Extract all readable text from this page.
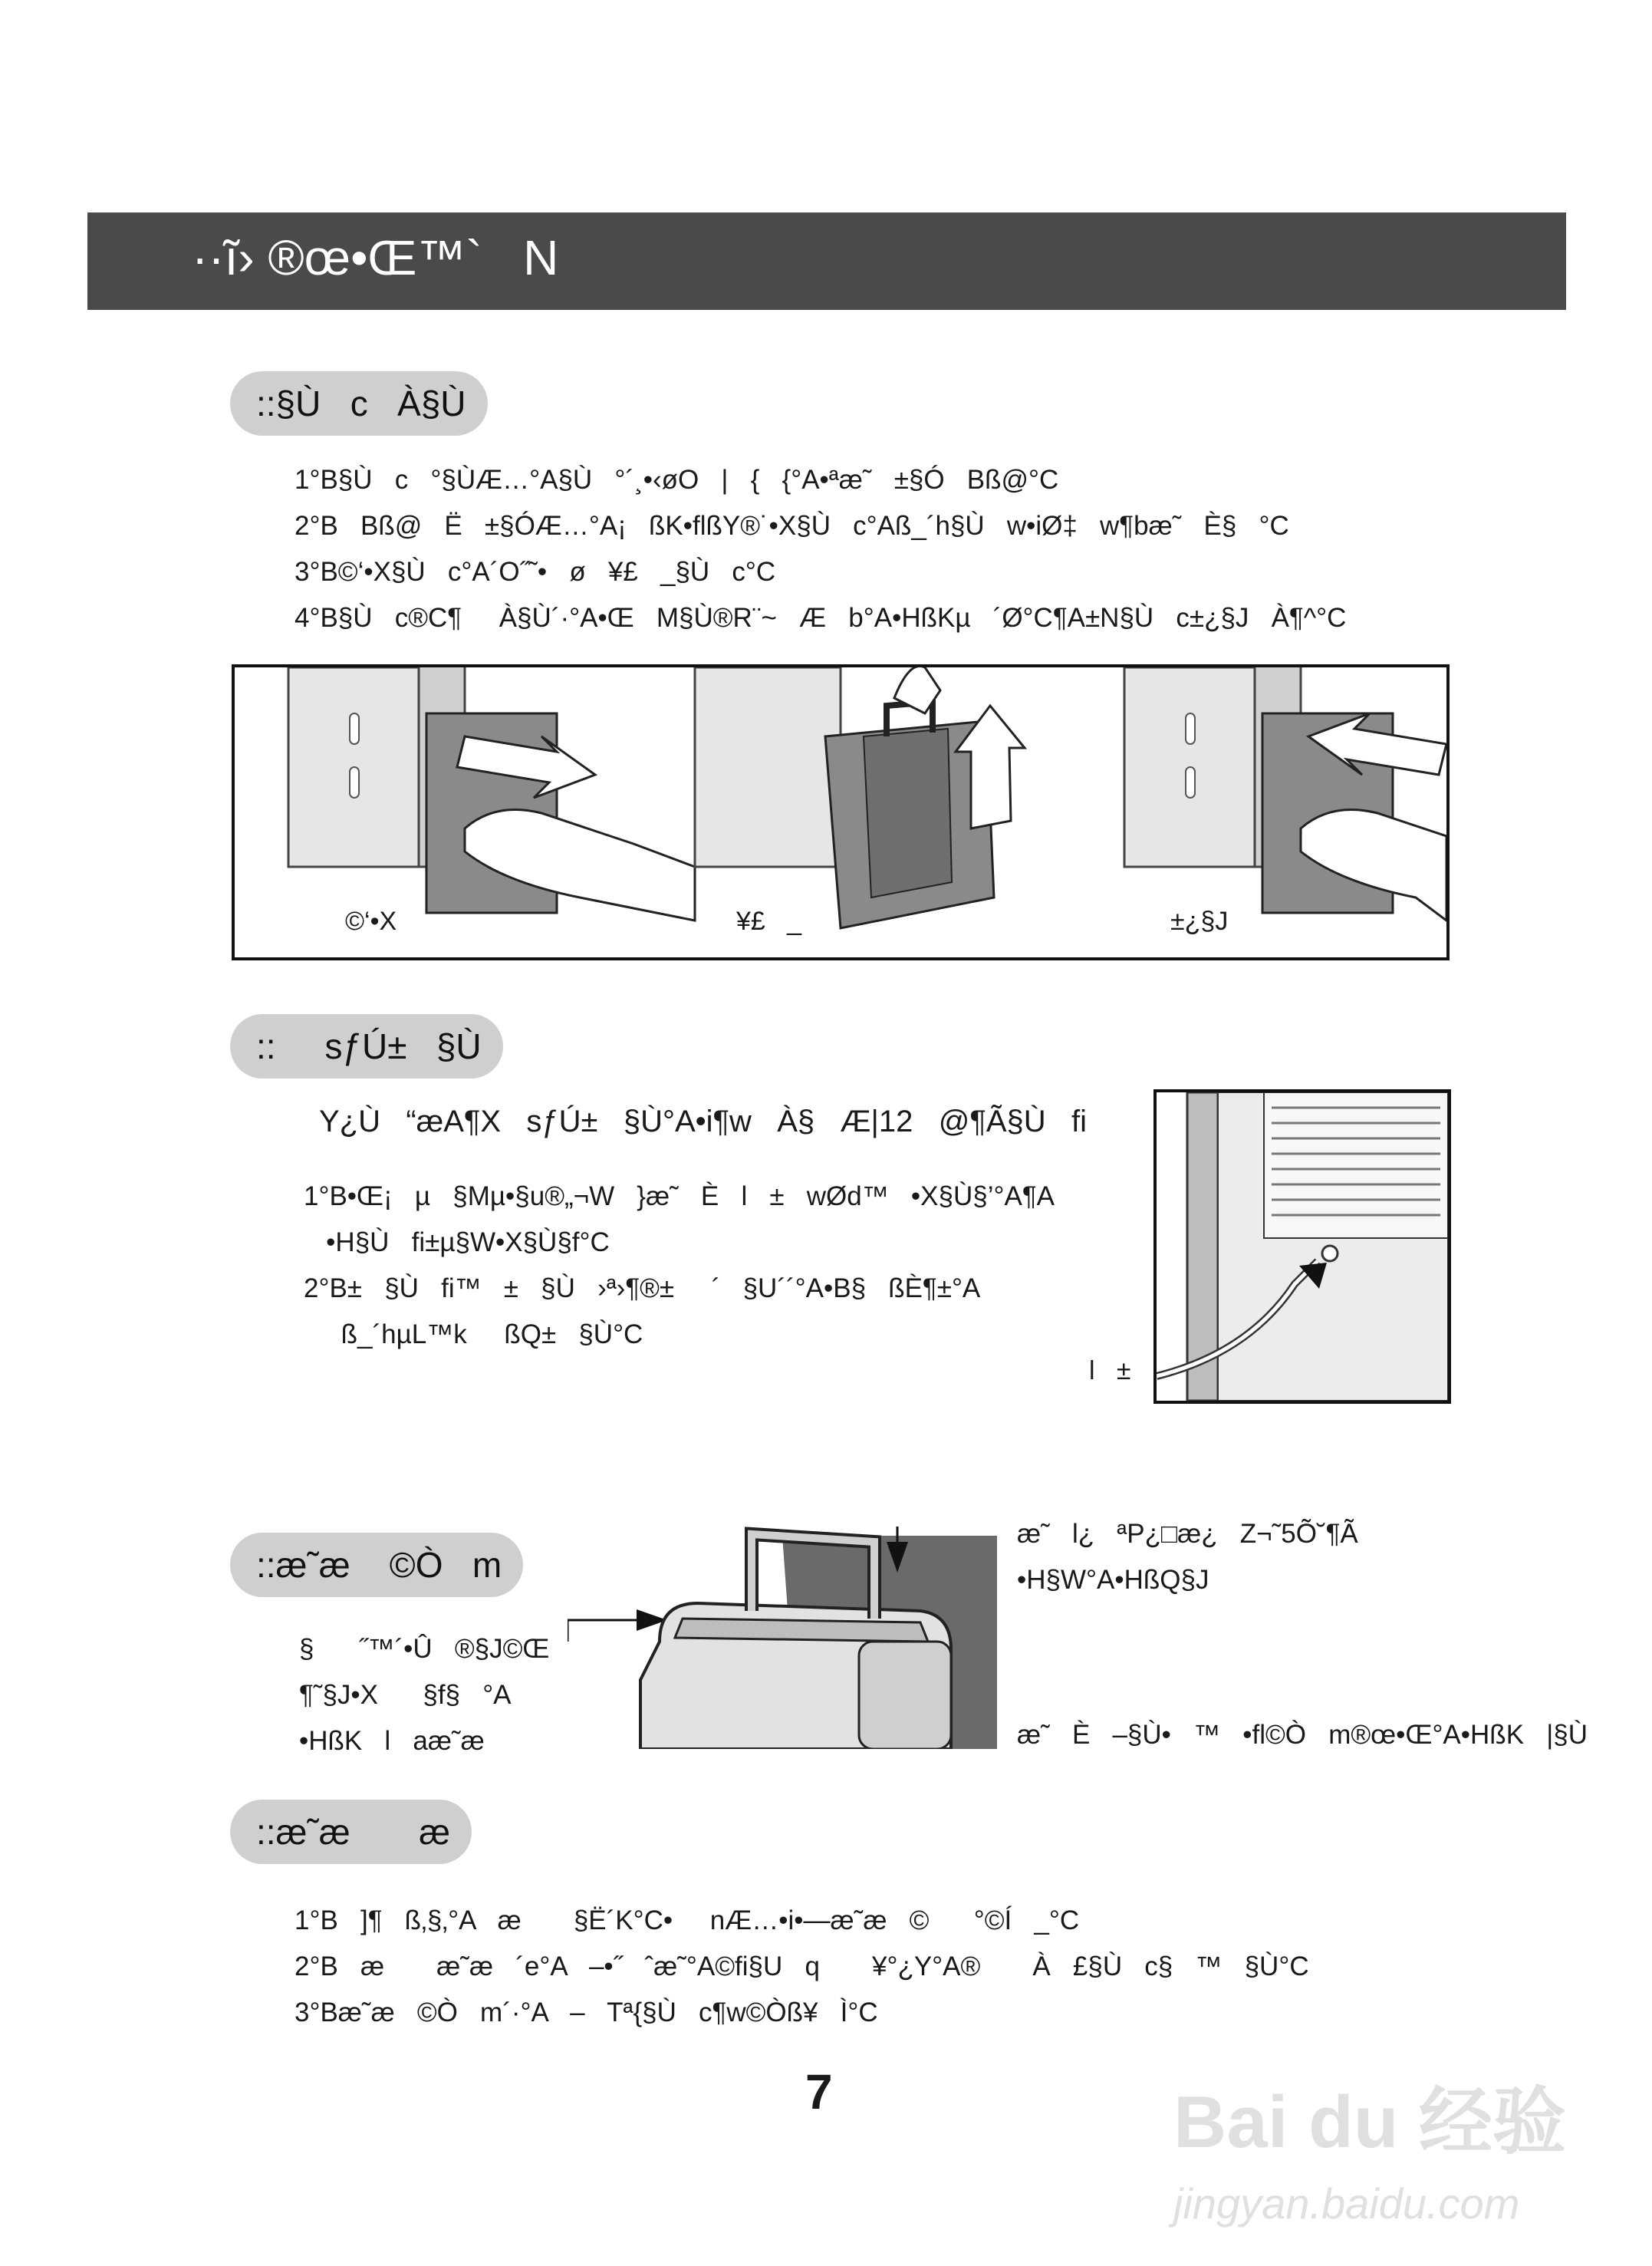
··ĩ› ®œ•Œ™`   N
::§Ù   c   À§Ù
1°B§Ù   c   °§ÙÆ…°A§Ù   °´¸•‹øO   |   {   {°A•ªæ˜   ±§Ó   Bß@°C
2°B   Bß@   Ë   ±§ÓÆ…°A¡   ßK•flßY®˙•X§Ù   c°Aß_´h§Ù   w•iØ‡   w¶bæ˜   È§   °C
3°B©‘•X§Ù   c°A´O˝˜•   ø   ¥£   _§Ù   c°C
4°B§Ù   c®C¶     À§Ù´·°A•Œ   M§Ù®R¨~   Æ   b°A•HßKµ   ´Ø°C¶A±N§Ù   c±¿§J   À¶^°C
©‘•X	¥£   _	±¿§J
::     sƒÚ±   §Ù
Y¿Ù   “æA¶X   sƒÚ±   §Ù°A•i¶w   À§   Æ|12   @¶Ã§Ù   fi
1°B•Œ¡   µ   §Mµ•§u®„¬W   }æ˜   È   l   ±   wØd™   •X§Ù§’°A¶A
•H§Ù   fi±µ§W•X§Ù§f°C
2°B±   §Ù   fi™   ±   §Ù   ›ª›¶®±     ´   §U´´°A•B§   ßÈ¶±°A
ß_´hµL™k     ßQ±   §Ù°C
l   ±
::æ˜æ    ©Ò   m
§      ˝™´•Û   ®§J©Œ
¶˜§J•X      §f§   °A
•HßK   l   aæ˜æ
æ˜   l¿   ªP¿□æ¿   Z¬˜5Õ˘¶Ã
•H§W°A•HßQ§J
æ˜   È   –§Ù•   ™   •fl©Ò   m®œ•Œ°A•HßK   |§Ù
::æ˜æ       æ
1°B   ]¶   ß‚§‚°A   æ       §Ë´K°C•     nÆ…•i•—æ˜æ   ©      °©Í   _°C
2°B   æ       æ˜æ   ´e°A   –•˝   ˆæ˜°A©fi§U   q       ¥°¿Y°A®       À   £§Ù   c§   ™   §Ù°C
3°Bæ˜æ   ©Ò   m´·°A   –   Tª{§Ù   c¶w©Òß¥   Ì°C
7	Bai du 经验
jingyan.baidu.com
